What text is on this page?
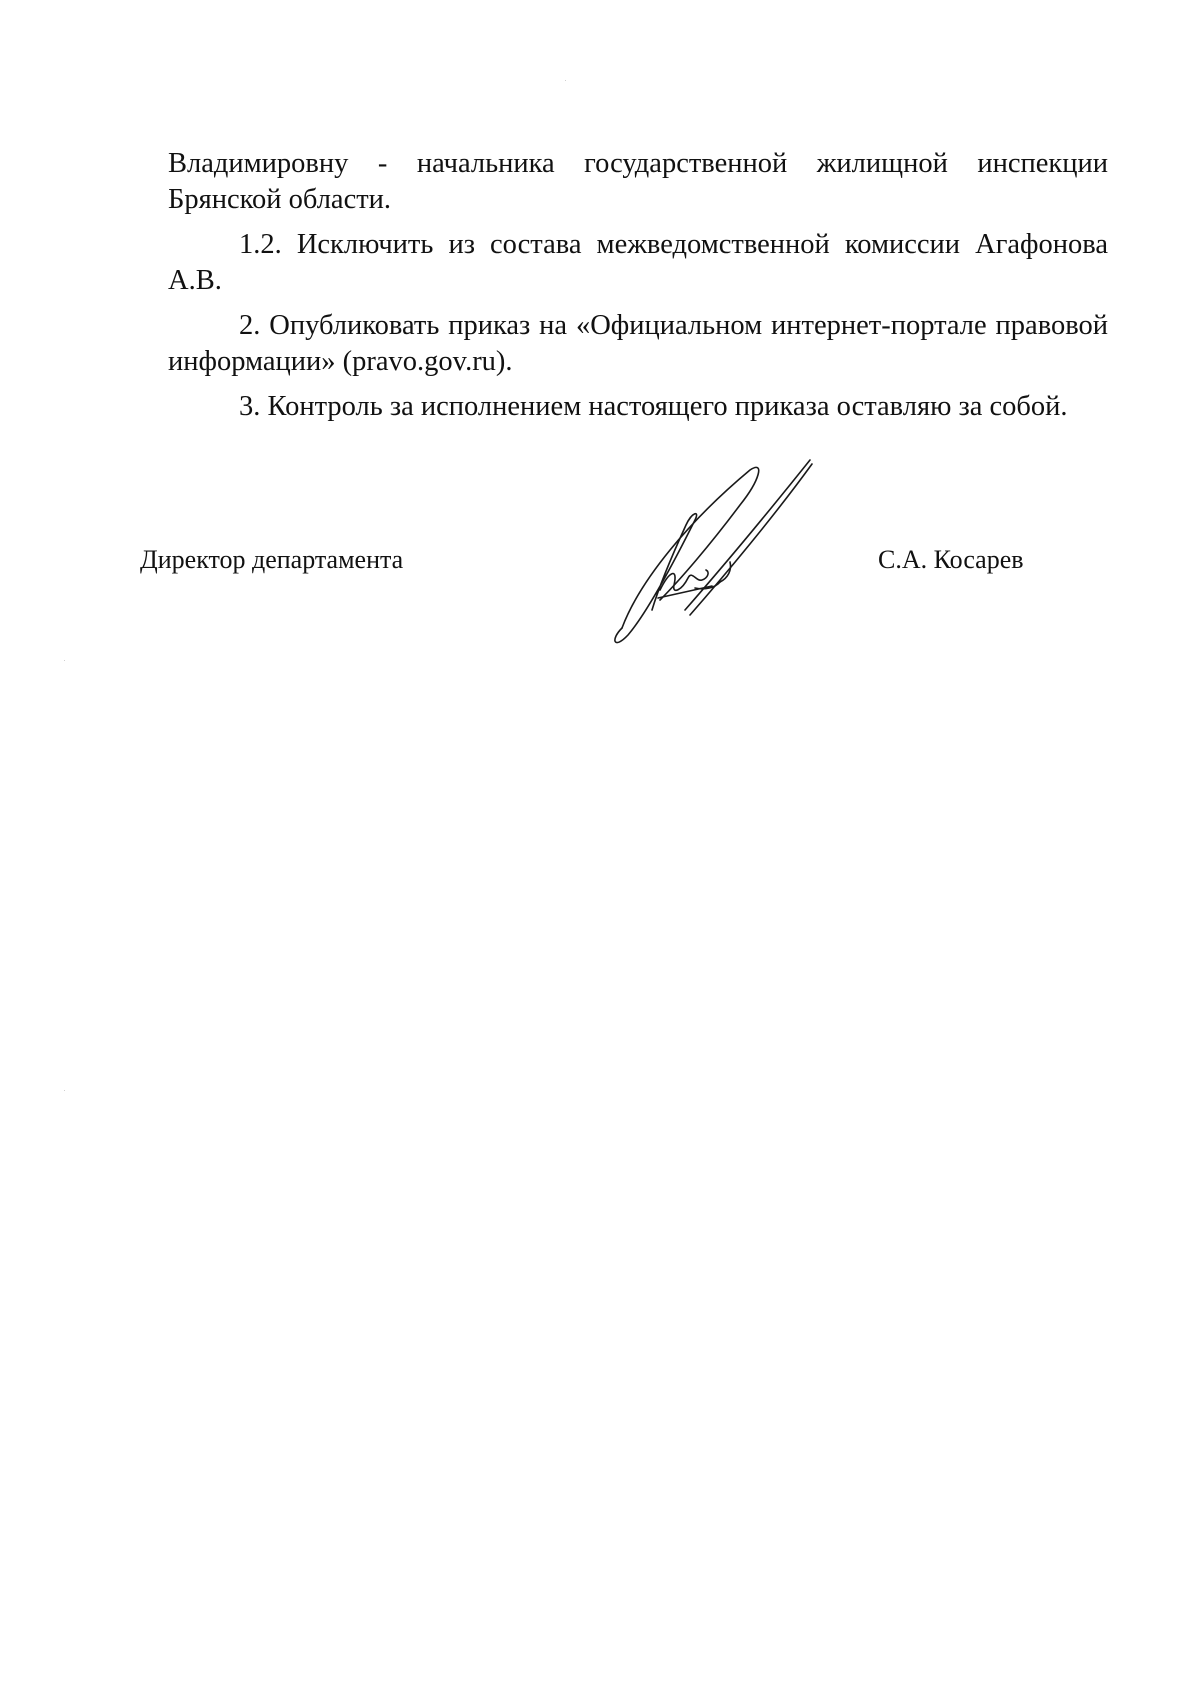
Владимировну - начальника государственной жилищной инспекции Брянской области.

1.2. Исключить из состава межведомственной комиссии Агафонова А.В.

2. Опубликовать приказ на «Официальном интернет-портале правовой информации» (pravo.gov.ru).

3. Контроль за исполнением настоящего приказа оставляю за собой.

Директор департамента	С.А. Косарев
